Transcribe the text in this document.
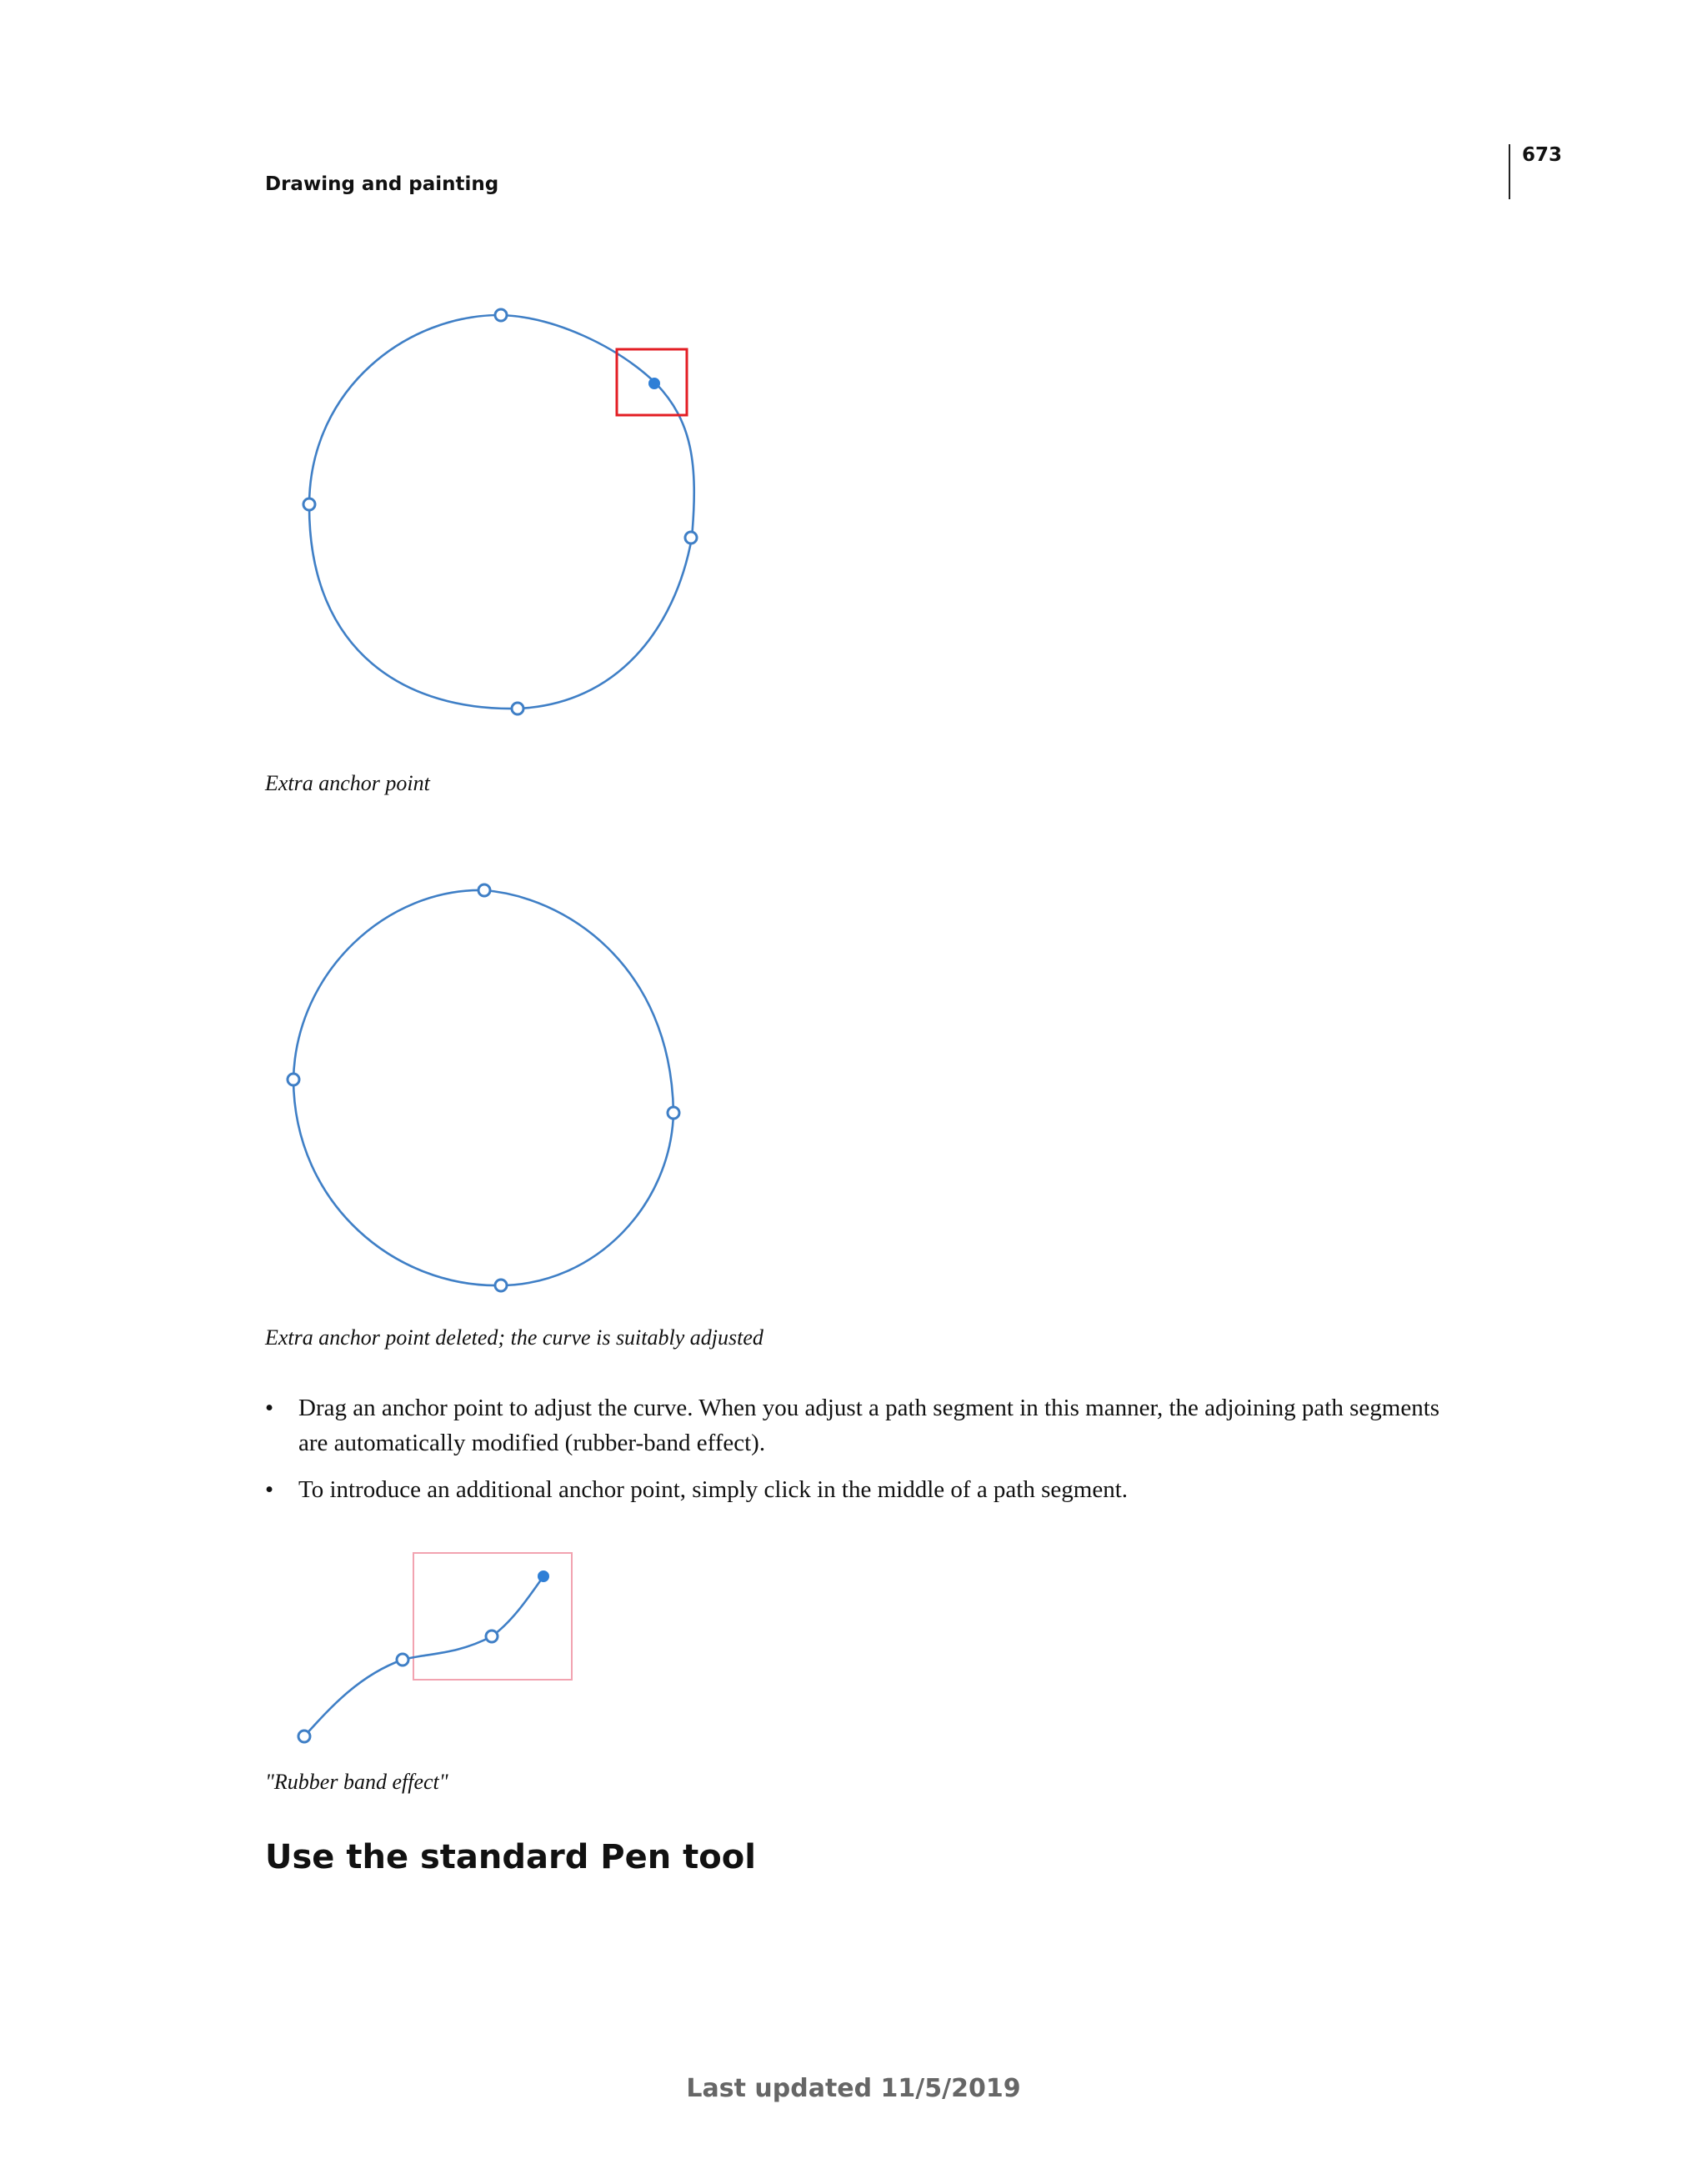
Drawing and painting
673
Extra anchor point
Extra anchor point deleted; the curve is suitably adjusted
• Drag an anchor point to adjust the curve. When you adjust a path segment in this manner, the adjoining path segments are automatically modified (rubber-band effect).
• To introduce an additional anchor point, simply click in the middle of a path segment.
"Rubber band effect"
Use the standard Pen tool
Last updated 11/5/2019
